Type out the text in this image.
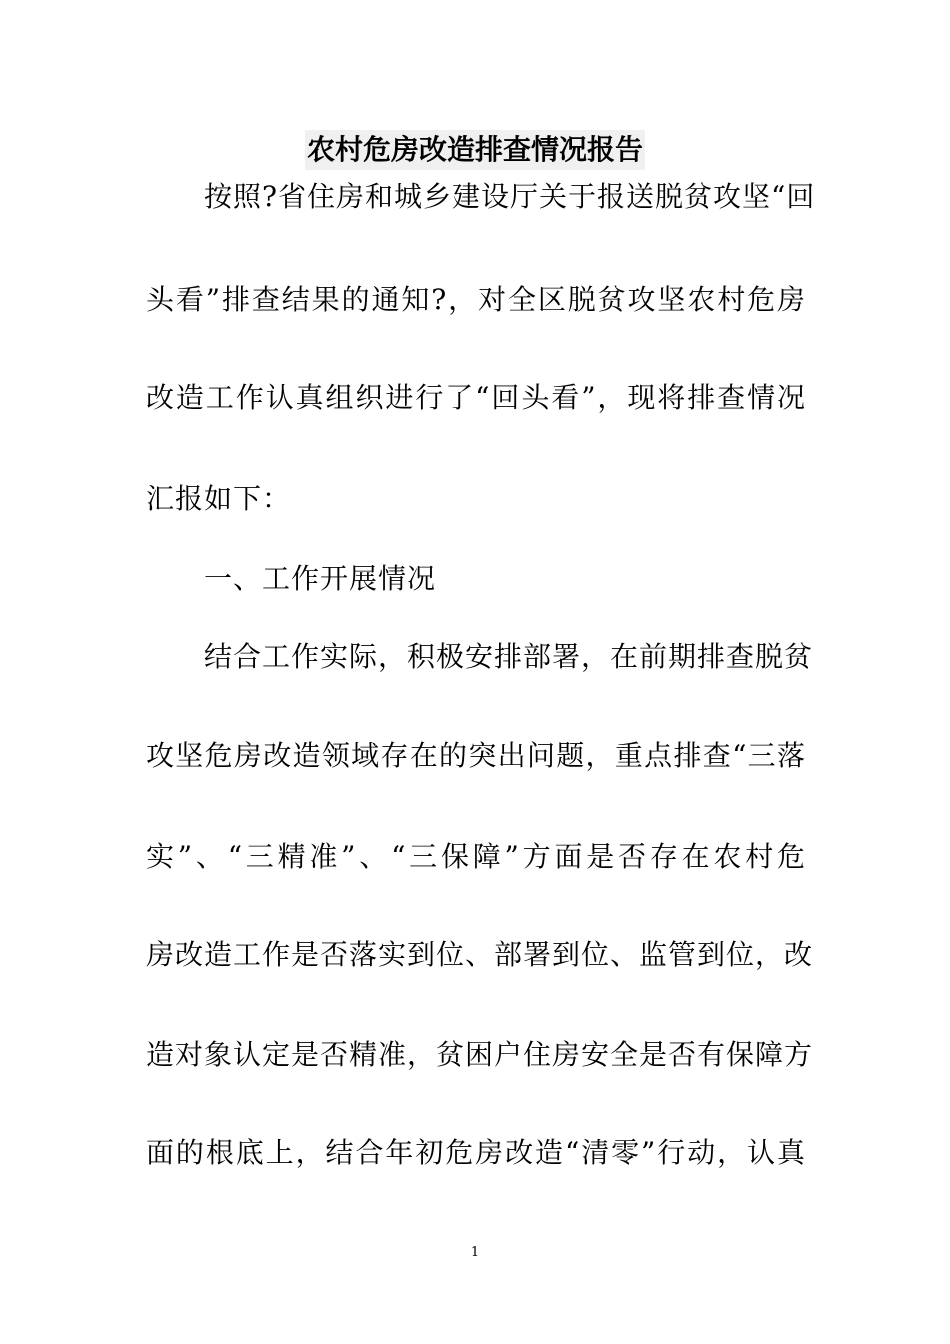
农村危房改造排查情况报告
按照?省住房和城乡建设厅关于报送脱贫攻坚“回
头看”排查结果的通知?，对全区脱贫攻坚农村危房
改造工作认真组织进行了“回头看”，现将排查情况
汇报如下：
一、工作开展情况
结合工作实际，积极安排部署，在前期排查脱贫
攻坚危房改造领域存在的突出问题，重点排查“三落
实”、“三精准”、“三保障”方面是否存在农村危
房改造工作是否落实到位、部署到位、监管到位，改
造对象认定是否精准，贫困户住房安全是否有保障方
面的根底上，结合年初危房改造“清零”行动，认真
1
